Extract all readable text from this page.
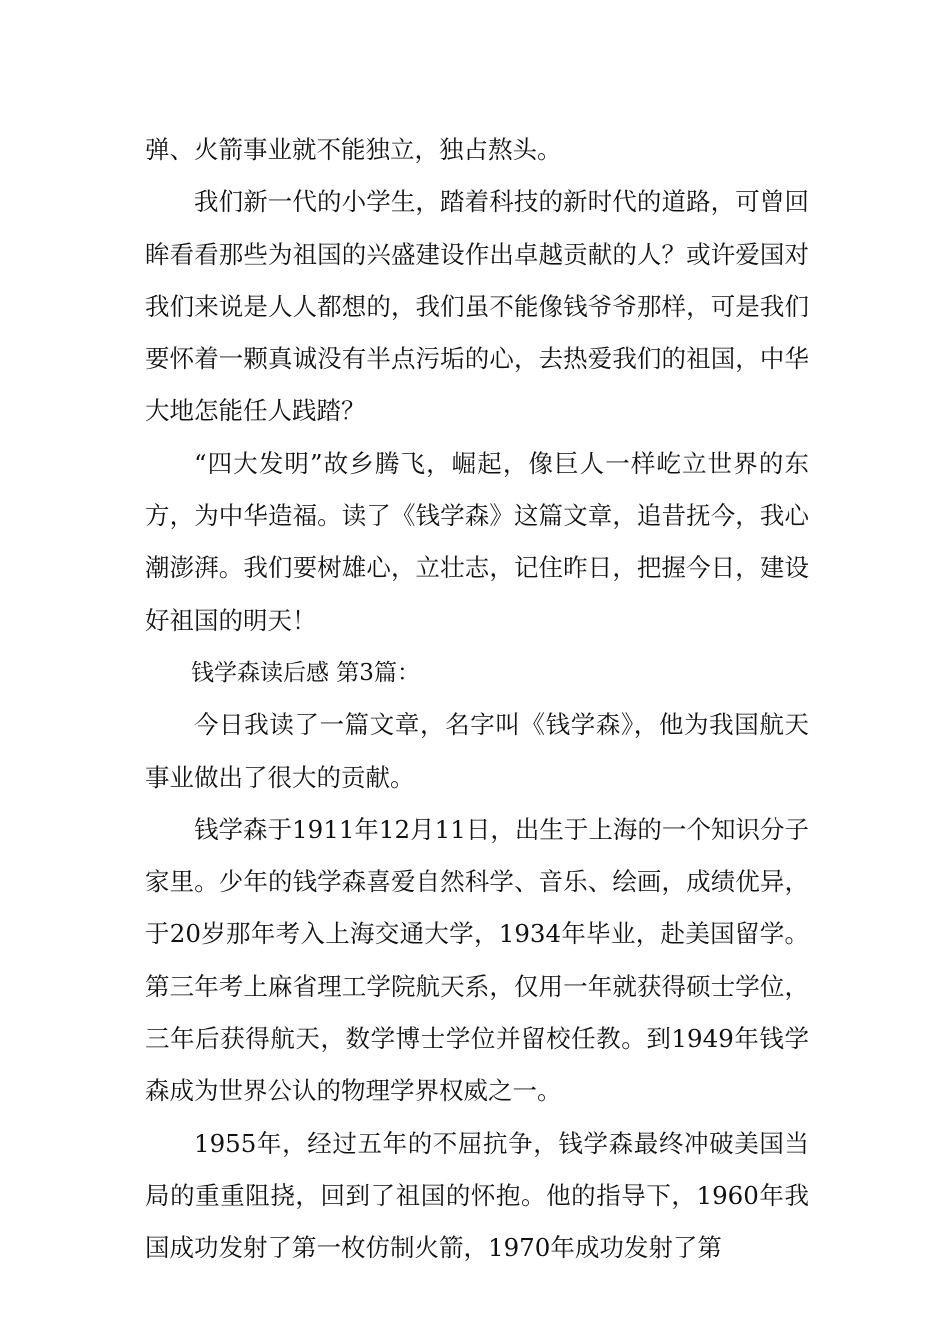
弹、火箭事业就不能独立，独占熬头。

我们新一代的小学生，踏着科技的新时代的道路，可曾回眸看看那些为祖国的兴盛建设作出卓越贡献的人？或许爱国对我们来说是人人都想的，我们虽不能像钱爷爷那样，可是我们要怀着一颗真诚没有半点污垢的心，去热爱我们的祖国，中华大地怎能任人践踏？

“四大发明”故乡腾飞，崛起，像巨人一样屹立世界的东方，为中华造福。读了《钱学森》这篇文章，追昔抚今，我心潮澎湃。我们要树雄心，立壮志，记住昨日，把握今日，建设好祖国的明天！

钱学森读后感 第3篇：

今日我读了一篇文章，名字叫《钱学森》，他为我国航天事业做出了很大的贡献。

钱学森于1911年12月11日，出生于上海的一个知识分子家里。少年的钱学森喜爱自然科学、音乐、绘画，成绩优异，于20岁那年考入上海交通大学，1934年毕业，赴美国留学。第三年考上麻省理工学院航天系，仅用一年就获得硕士学位，三年后获得航天，数学博士学位并留校任教。到1949年钱学森成为世界公认的物理学界权威之一。

1955年，经过五年的不屈抗争，钱学森最终冲破美国当局的重重阻挠，回到了祖国的怀抱。他的指导下，1960年我国成功发射了第一枚仿制火箭，1970年成功发射了第
